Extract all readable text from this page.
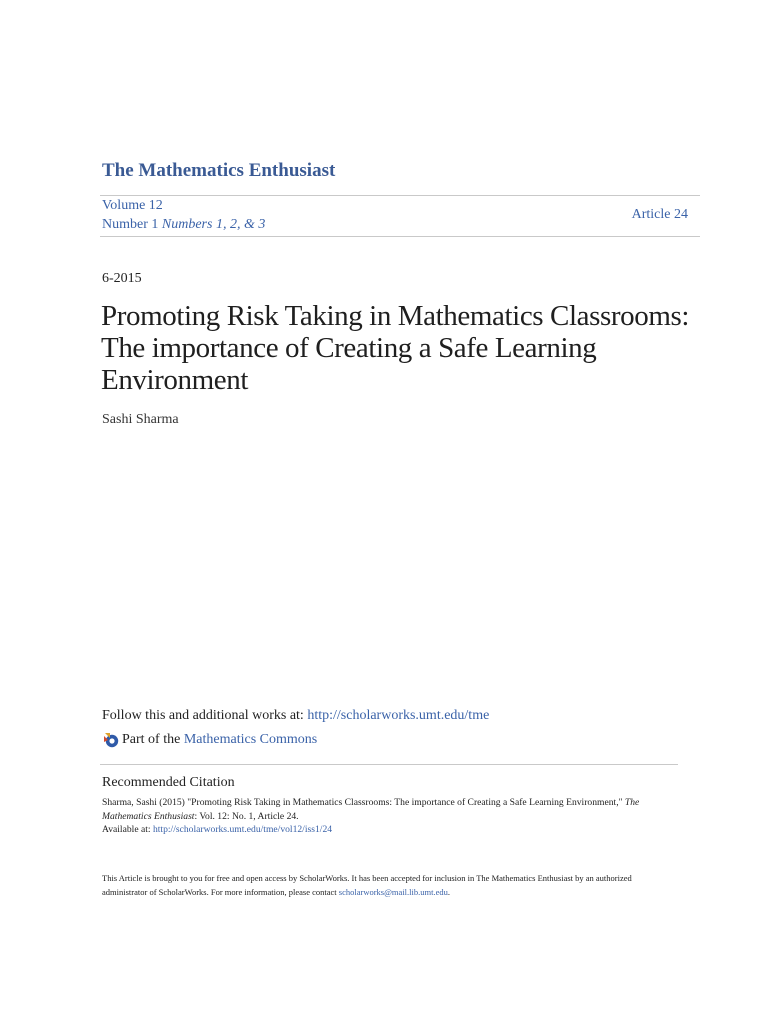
The Mathematics Enthusiast
Volume 12
Number 1 Numbers 1, 2, & 3
Article 24
6-2015
Promoting Risk Taking in Mathematics Classrooms: The importance of Creating a Safe Learning Environment
Sashi Sharma
Follow this and additional works at: http://scholarworks.umt.edu/tme
Part of the
Mathematics Commons
Recommended Citation
Sharma, Sashi (2015) "Promoting Risk Taking in Mathematics Classrooms: The importance of Creating a Safe Learning Environment," The Mathematics Enthusiast: Vol. 12: No. 1, Article 24.
Available at: http://scholarworks.umt.edu/tme/vol12/iss1/24
This Article is brought to you for free and open access by ScholarWorks. It has been accepted for inclusion in The Mathematics Enthusiast by an authorized administrator of ScholarWorks. For more information, please contact scholarworks@mail.lib.umt.edu.
